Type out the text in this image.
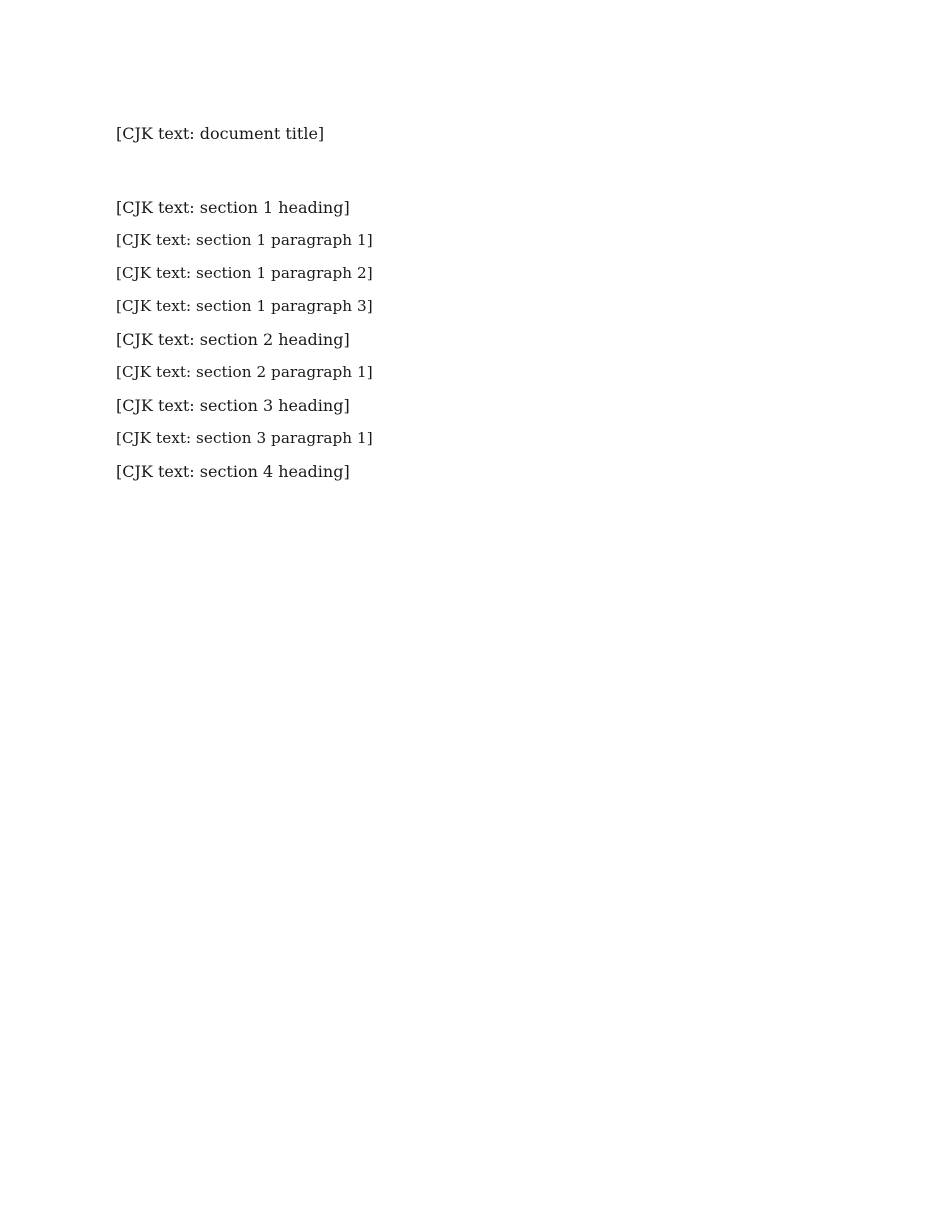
[CJK text: document title]
[CJK text: section 1 heading]

[CJK text: section 1 paragraph 1]

[CJK text: section 1 paragraph 2]

[CJK text: section 1 paragraph 3]

[CJK text: section 2 heading]

[CJK text: section 2 paragraph 1]

[CJK text: section 3 heading]

[CJK text: section 3 paragraph 1]

[CJK text: section 4 heading]
